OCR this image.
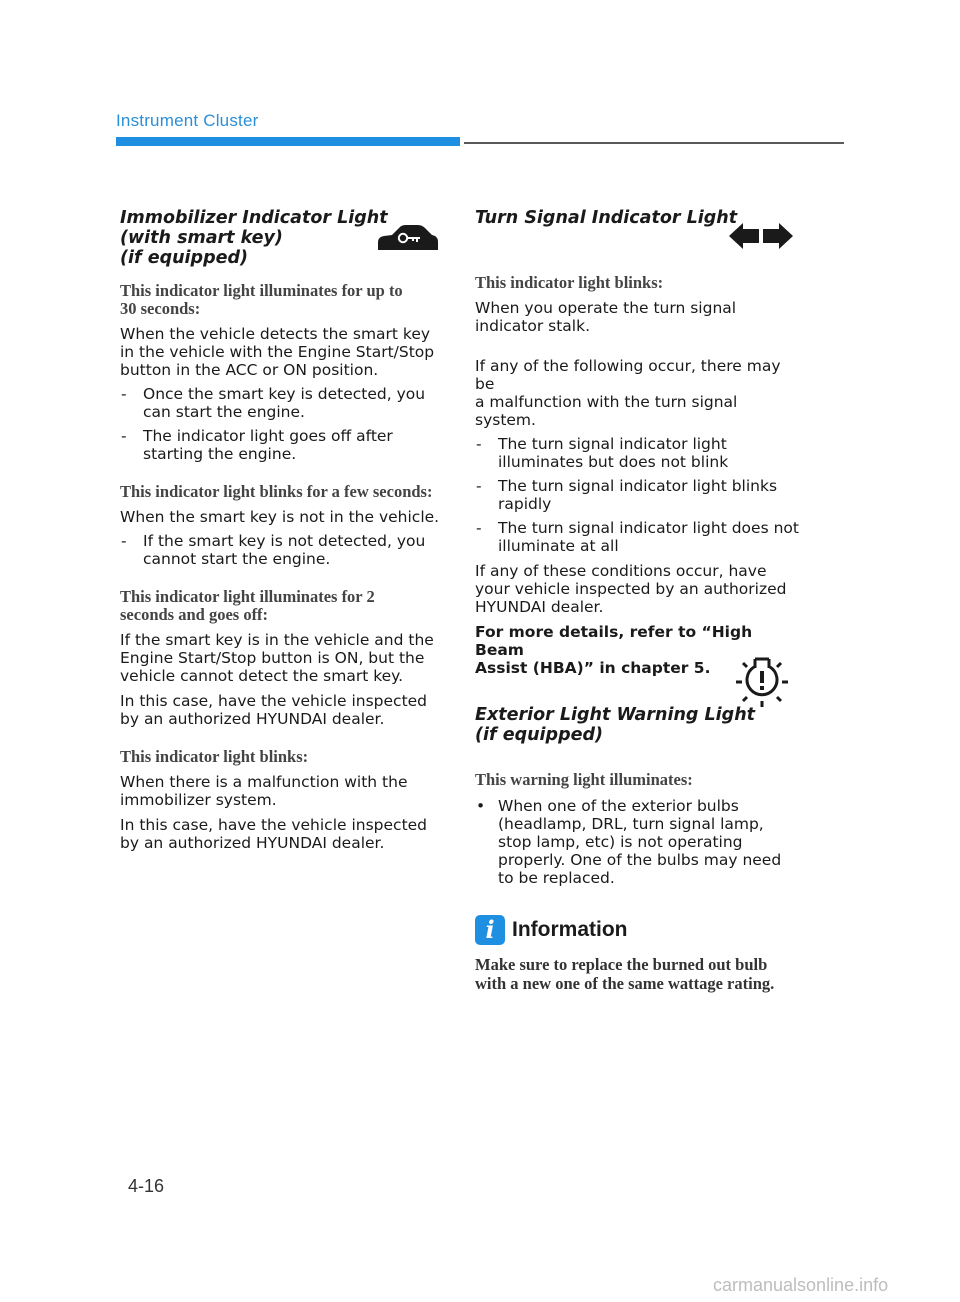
Instrument Cluster
Immobilizer Indicator Light
(with smart key)
(if equipped)
This indicator light illuminates for up to
30 seconds:
When the vehicle detects the smart key
in the vehicle with the Engine Start/Stop
button in the ACC or ON position.
- Once the smart key is detected, you
can start the engine.
- The indicator light goes off after
starting the engine.
This indicator light blinks for a few seconds:
When the smart key is not in the vehicle.
- If the smart key is not detected, you
cannot start the engine.
This indicator light illuminates for 2
seconds and goes off:
If the smart key is in the vehicle and the
Engine Start/Stop button is ON, but the
vehicle cannot detect the smart key.
In this case, have the vehicle inspected
by an authorized HYUNDAI dealer.
This indicator light blinks:
When there is a malfunction with the
immobilizer system.
In this case, have the vehicle inspected
by an authorized HYUNDAI dealer.
Turn Signal Indicator Light
This indicator light blinks:
When you operate the turn signal
indicator stalk.
If any of the following occur, there may be
a malfunction with the turn signal system.
- The turn signal indicator light
illuminates but does not blink
- The turn signal indicator light blinks
rapidly
- The turn signal indicator light does not
illuminate at all
If any of these conditions occur, have
your vehicle inspected by an authorized
HYUNDAI dealer.
For more details, refer to “High Beam
Assist (HBA)” in chapter 5.
Exterior Light Warning Light
(if equipped)
This warning light illuminates:
• When one of the exterior bulbs
(headlamp, DRL, turn signal lamp,
stop lamp, etc) is not operating
properly. One of the bulbs may need
to be replaced.
i Information
Make sure to replace the burned out bulb
with a new one of the same wattage rating.
4-16
carmanualsonline.info
